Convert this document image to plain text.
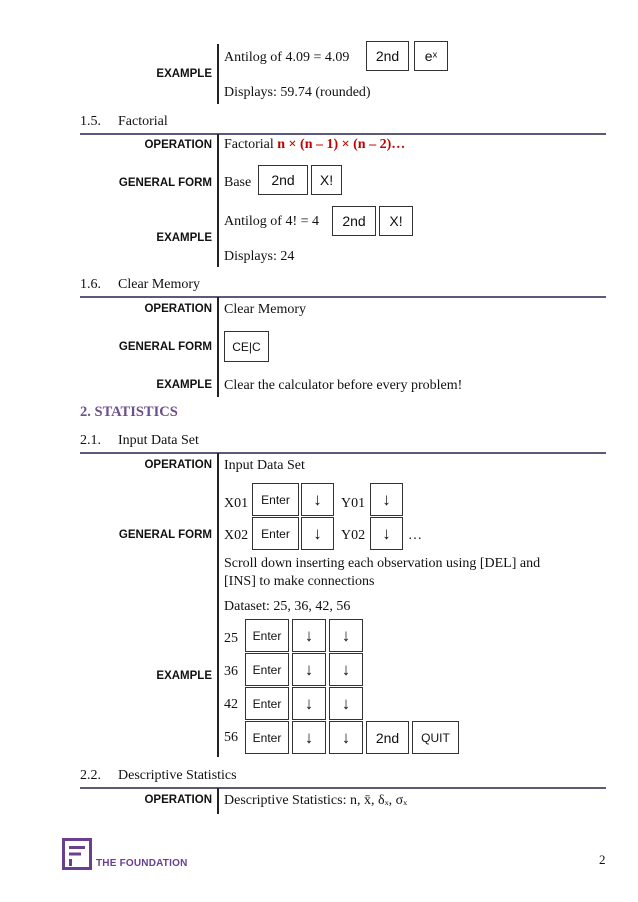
EXAMPLE
Antilog of 4.09 = 4.09	2nd	eˣ
Displays: 59.74 (rounded)
1.5. Factorial
OPERATION Factorial n × (n – 1) × (n – 2)…
GENERAL FORM Base	2nd	X!
EXAMPLE
Antilog of 4! = 4	2nd	X!
Displays: 24
1.6. Clear Memory
OPERATION Clear Memory
GENERAL FORM	CE|C
EXAMPLE Clear the calculator before every problem!
2. STATISTICS
2.1. Input Data Set
OPERATION Input Data Set
X01	Enter	↓	Y01	↓
GENERAL FORM X02	Enter	↓	Y02	↓	…
Scroll down inserting each observation using [DEL] and
[INS] to make connections
Dataset: 25, 36, 42, 56
EXAMPLE
25	Enter	↓	↓
36	Enter	↓	↓
42	Enter	↓	↓
56	Enter	↓	↓	2nd	QUIT
2.2. Descriptive Statistics
OPERATION Descriptive Statistics: n, x̄, δₓ, σₓ
THE FOUNDATION	2
